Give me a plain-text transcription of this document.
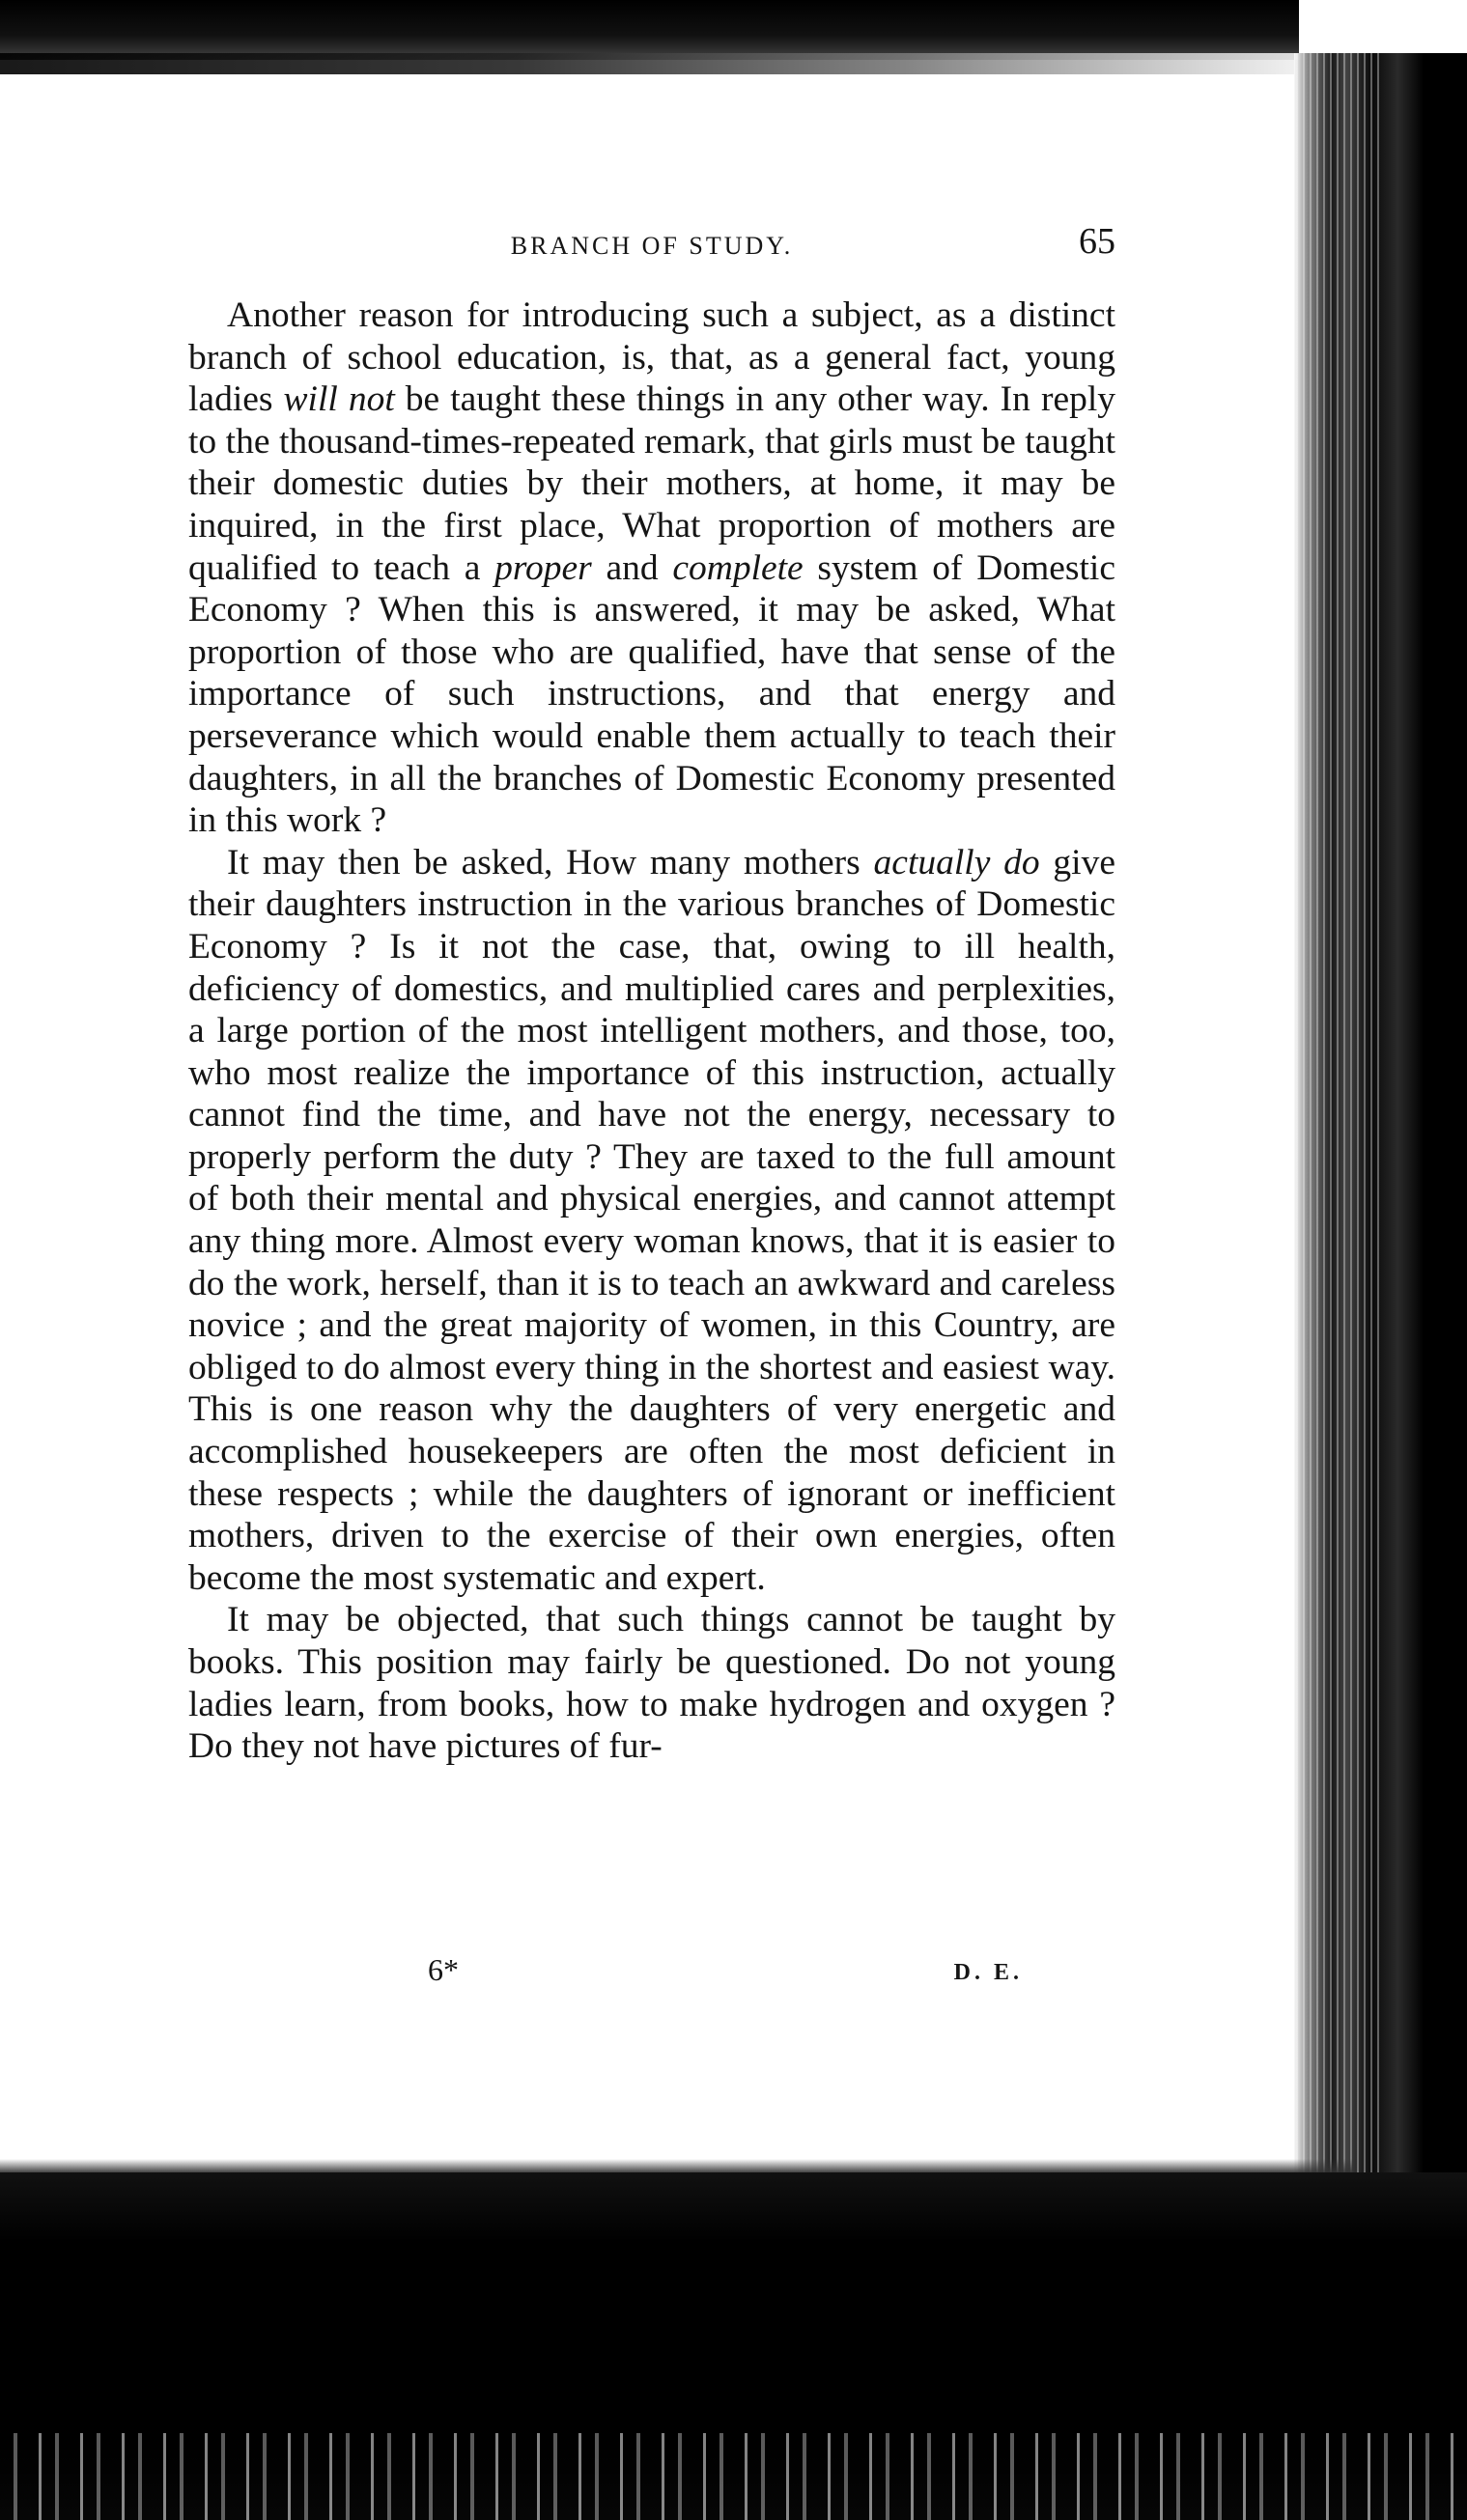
BRANCH OF STUDY.	65

Another reason for introducing such a subject, as a distinct branch of school education, is, that, as a general fact, young ladies will not be taught these things in any other way. In reply to the thousand-times-repeated remark, that girls must be taught their domestic duties by their mothers, at home, it may be inquired, in the first place, What proportion of mothers are qualified to teach a proper and complete system of Domestic Economy ? When this is answered, it may be asked, What proportion of those who are qualified, have that sense of the importance of such instructions, and that energy and perseverance which would enable them actually to teach their daughters, in all the branches of Domestic Economy presented in this work ?

It may then be asked, How many mothers actually do give their daughters instruction in the various branches of Domestic Economy ? Is it not the case, that, owing to ill health, deficiency of domestics, and multiplied cares and perplexities, a large portion of the most intelligent mothers, and those, too, who most realize the importance of this instruction, actually cannot find the time, and have not the energy, necessary to properly perform the duty ? They are taxed to the full amount of both their mental and physical energies, and cannot attempt any thing more. Almost every woman knows, that it is easier to do the work, herself, than it is to teach an awkward and careless novice ; and the great majority of women, in this Country, are obliged to do almost every thing in the shortest and easiest way. This is one reason why the daughters of very energetic and accomplished housekeepers are often the most deficient in these respects ; while the daughters of ignorant or inefficient mothers, driven to the exercise of their own energies, often become the most systematic and expert.

It may be objected, that such things cannot be taught by books. This position may fairly be questioned. Do not young ladies learn, from books, how to make hydrogen and oxygen ? Do they not have pictures of fur-

6*	D. E.
